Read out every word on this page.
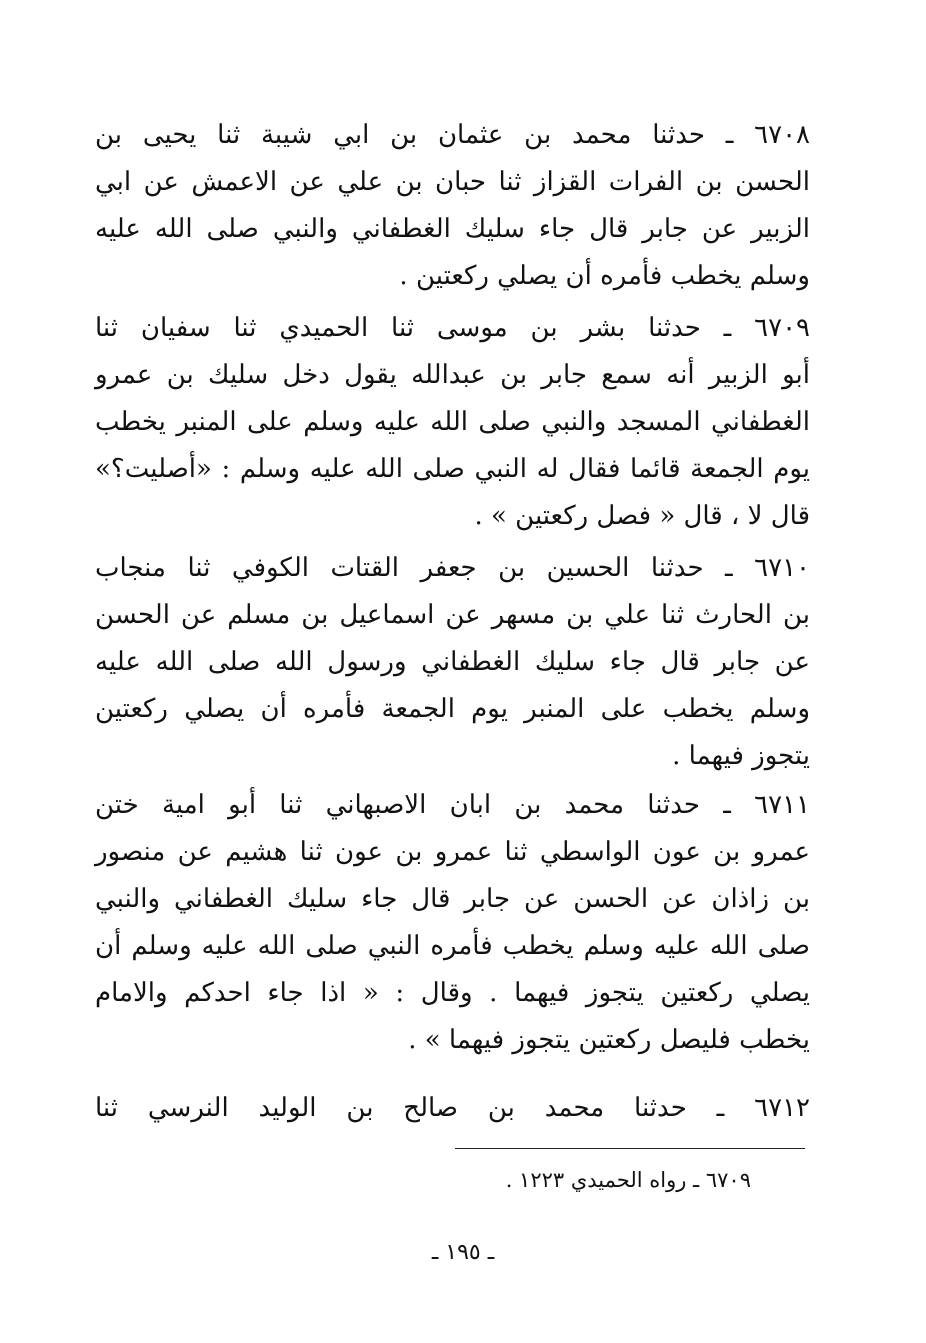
٦٧٠٨ ـ حدثنا محمد بن عثمان بن ابي شيبة ثنا يحيى بن
الحسن بن الفرات القزاز ثنا حبان بن علي عن الاعمش عن ابي
الزبير عن جابر قال جاء سليك الغطفاني والنبي صلى الله عليه
وسلم يخطب فأمره أن يصلي ركعتين .
٦٧٠٩ ـ حدثنا بشر بن موسى ثنا الحميدي ثنا سفيان ثنا
أبو الزبير أنه سمع جابر بن عبدالله يقول دخل سليك بن عمرو
الغطفاني المسجد والنبي صلى الله عليه وسلم على المنبر يخطب
يوم الجمعة قائما فقال له النبي صلى الله عليه وسلم : «أصليت؟»
قال لا ، قال « فصل ركعتين » .
٦٧١٠ ـ حدثنا الحسين بن جعفر القتات الكوفي ثنا منجاب
بن الحارث ثنا علي بن مسهر عن اسماعيل بن مسلم عن الحسن
عن جابر قال جاء سليك الغطفاني ورسول الله صلى الله عليه
وسلم يخطب على المنبر يوم الجمعة فأمره أن يصلي ركعتين
يتجوز فيهما .
٦٧١١ ـ حدثنا محمد بن ابان الاصبهاني ثنا أبو امية ختن
عمرو بن عون الواسطي ثنا عمرو بن عون ثنا هشيم عن منصور
بن زاذان عن الحسن عن جابر قال جاء سليك الغطفاني والنبي
صلى الله عليه وسلم يخطب فأمره النبي صلى الله عليه وسلم أن
يصلي ركعتين يتجوز فيهما . وقال : « اذا جاء احدكم والامام
يخطب فليصل ركعتين يتجوز فيهما » .
٦٧١٢ ـ حدثنا محمد بن صالح بن الوليد النرسي ثنا
٦٧٠٩ ـ رواه الحميدي ١٢٢٣ .
ـ ١٩٥ ـ
